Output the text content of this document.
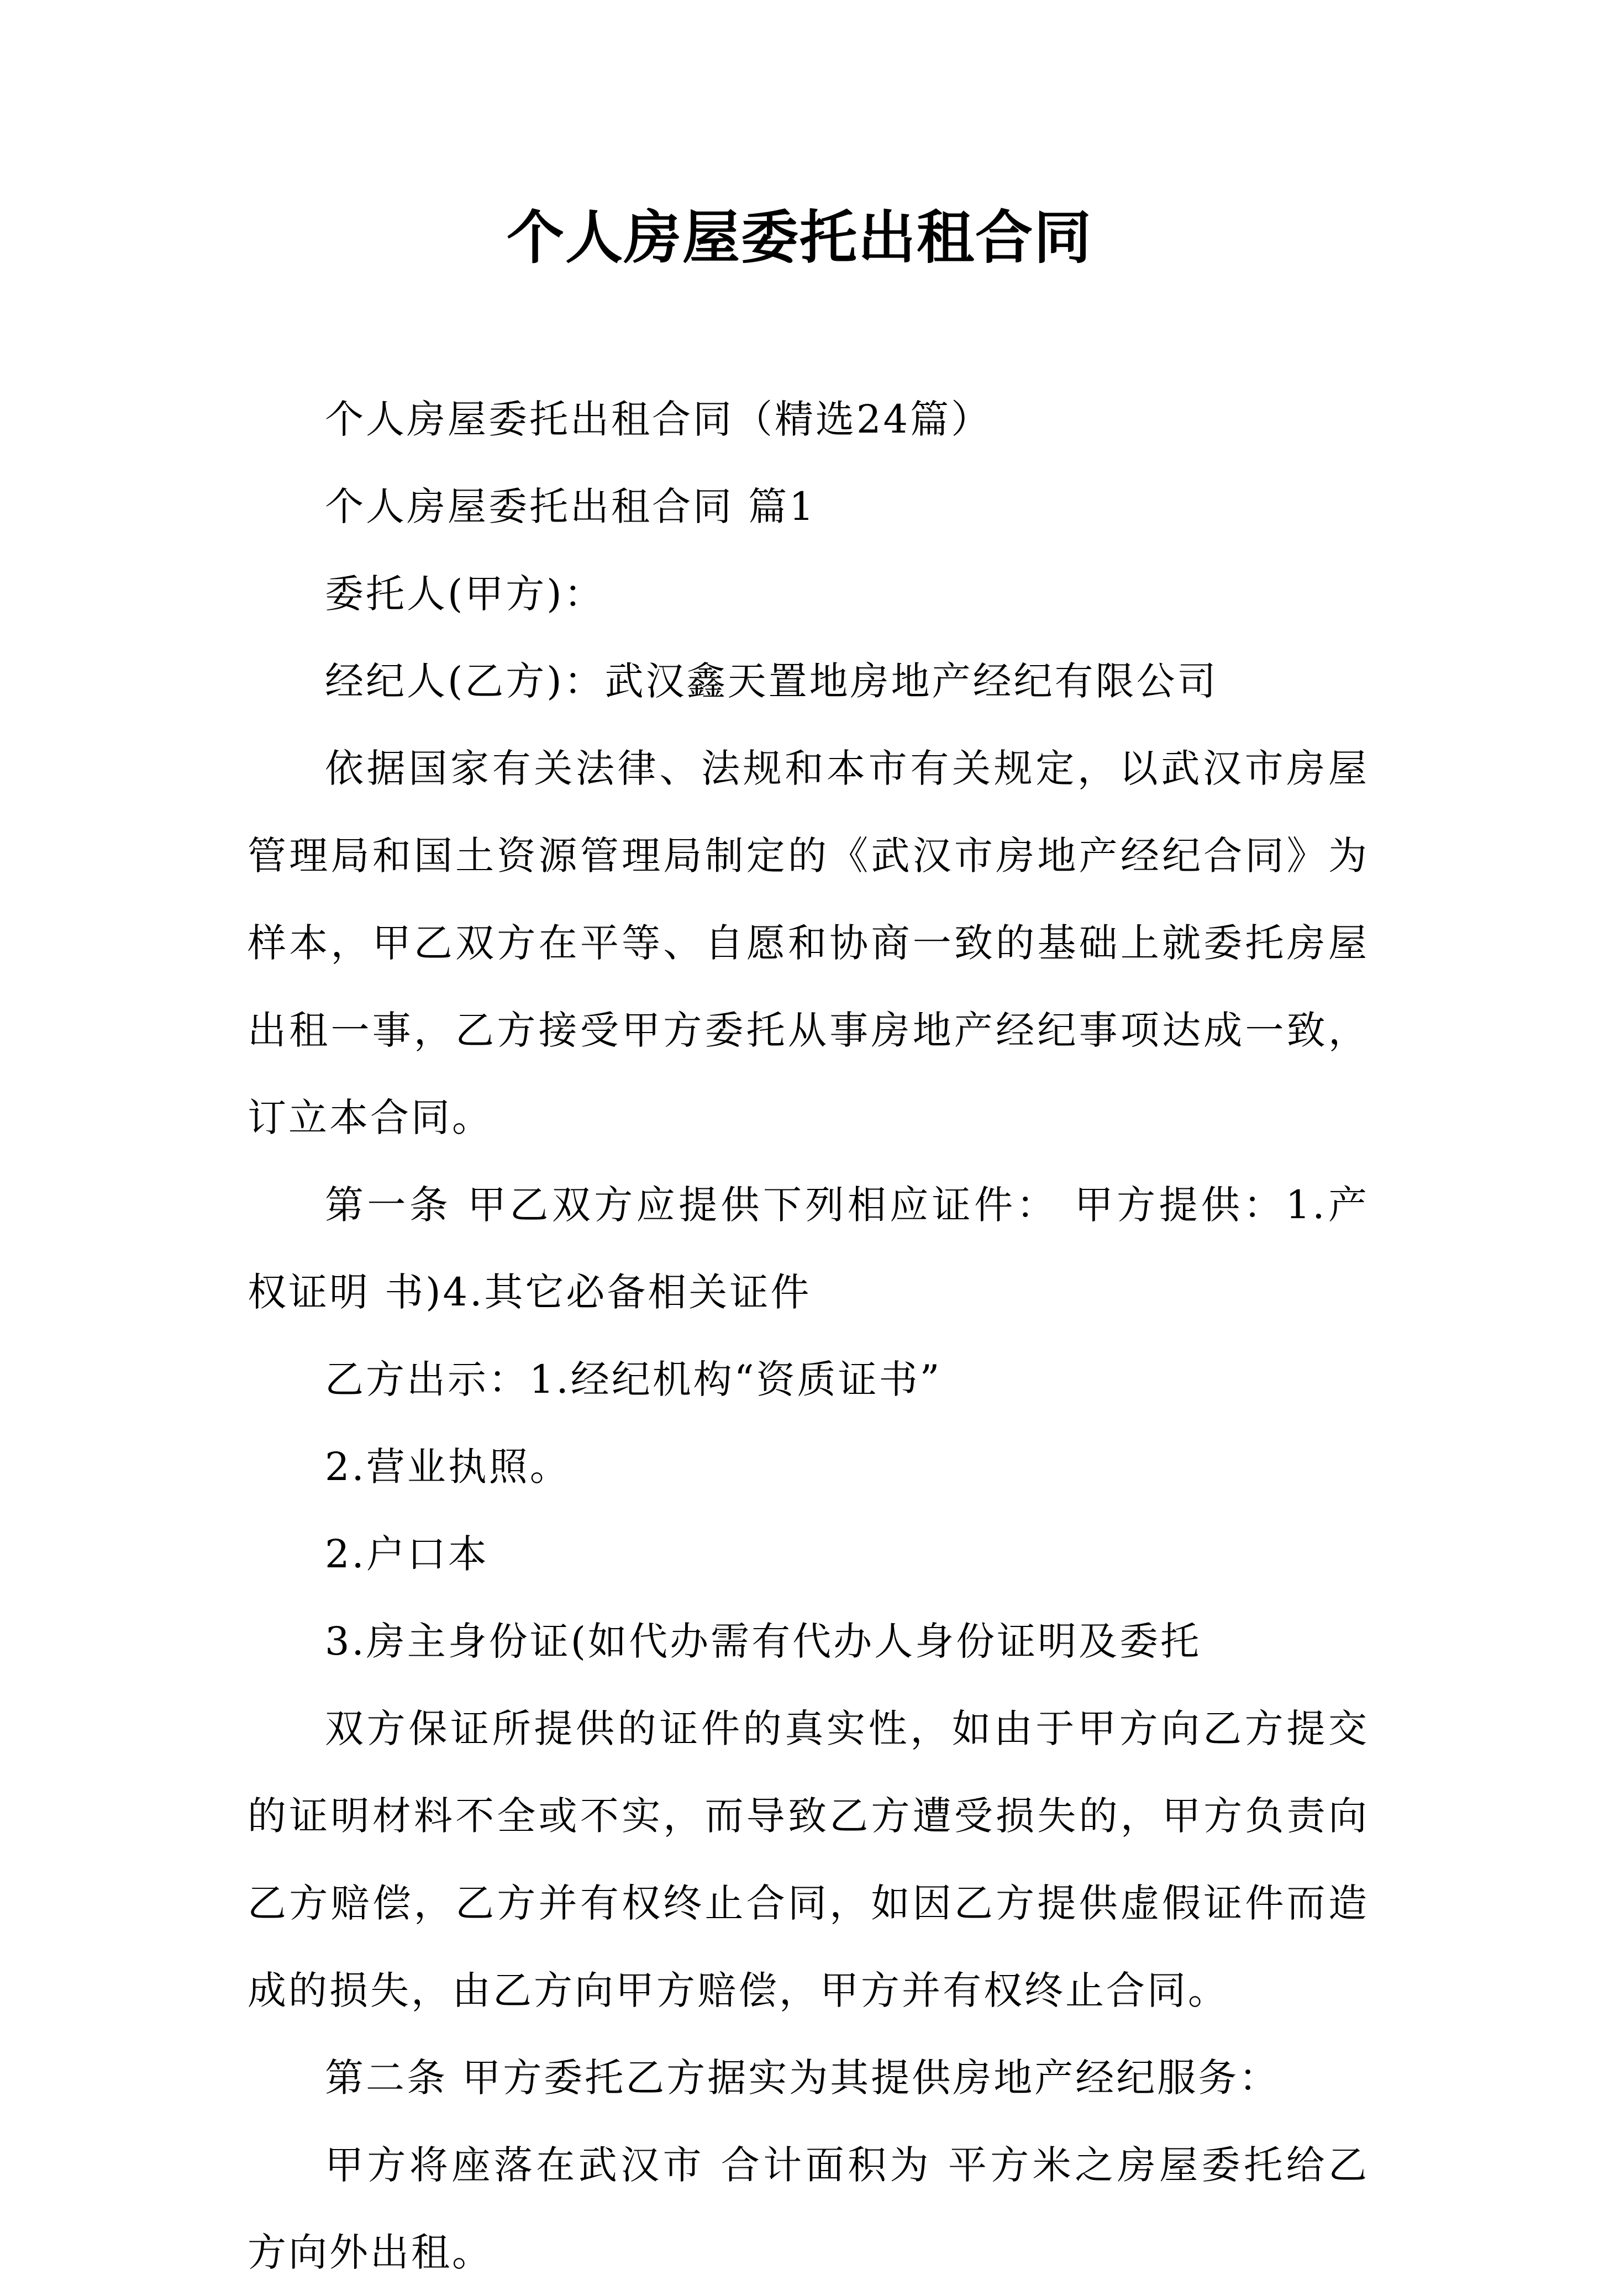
个人房屋委托出租合同

个人房屋委托出租合同（精选24篇）

个人房屋委托出租合同 篇1

委托人(甲方)：

经纪人(乙方)：武汉鑫天置地房地产经纪有限公司

依据国家有关法律、法规和本市有关规定，以武汉市房屋管理局和国土资源管理局制定的《武汉市房地产经纪合同》为样本，甲乙双方在平等、自愿和协商一致的基础上就委托房屋出租一事，乙方接受甲方委托从事房地产经纪事项达成一致，订立本合同。

第一条 甲乙双方应提供下列相应证件： 甲方提供：1.产权证明 书)4.其它必备相关证件

乙方出示：1.经纪机构“资质证书”

2.营业执照。

2.户口本

3.房主身份证(如代办需有代办人身份证明及委托

双方保证所提供的证件的真实性，如由于甲方向乙方提交的证明材料不全或不实，而导致乙方遭受损失的，甲方负责向乙方赔偿，乙方并有权终止合同，如因乙方提供虚假证件而造成的损失，由乙方向甲方赔偿，甲方并有权终止合同。

第二条 甲方委托乙方据实为其提供房地产经纪服务：

甲方将座落在武汉市 合计面积为 平方米之房屋委托给乙方向外出租。
